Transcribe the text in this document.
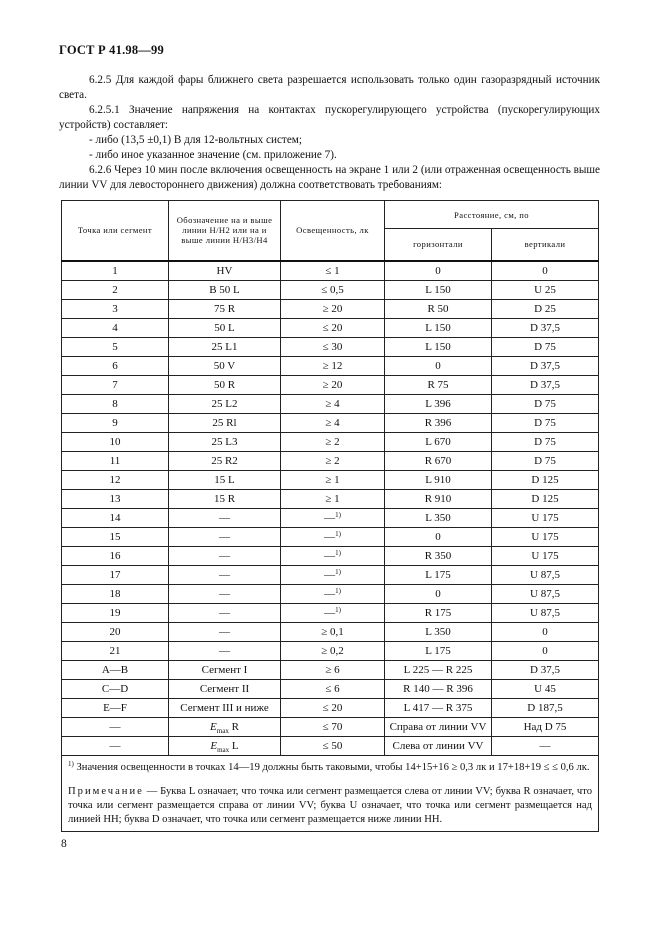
ГОСТ Р 41.98—99
6.2.5 Для каждой фары ближнего света разрешается использовать только один газоразрядный источник света.
6.2.5.1 Значение напряжения на контактах пускорегулирующего устройства (пускорегулирующих устройств) составляет:
- либо (13,5 ±0,1) В для 12-вольтных систем;
- либо иное указанное значение (см. приложение 7).
6.2.6 Через 10 мин после включения освещенность на экране 1 или 2 (или отраженная освещенность выше линии VV для левостороннего движения) должна соответствовать требованиям:
Точка или сегмент	Обозначение на и выше линии H/H2 или на и выше линии H/H3/H4	Освещенность, лк	Расстояние, см, по	
			горизонтали	вертикали
1	HV	≤ 1	0	0
2	B 50 L	≤ 0,5	L 150	U 25
3	75 R	≥ 20	R 50	D 25
4	50 L	≤ 20	L 150	D 37,5
5	25 L1	≤ 30	L 150	D 75
6	50 V	≥ 12	0	D 37,5
7	50 R	≥ 20	R 75	D 37,5
8	25 L2	≥ 4	L 396	D 75
9	25 Rl	≥ 4	R 396	D 75
10	25 L3	≥ 2	L 670	D 75
11	25 R2	≥ 2	R 670	D 75
12	15 L	≥ 1	L 910	D 125
13	15 R	≥ 1	R 910	D 125
14	—	—$^{1)}$	L 350	U 175
15	—	—$^{1)}$	0	U 175
16	—	—$^{1)}$	R 350	U 175
17	—	—$^{1)}$	L 175	U 87,5
18	—	—$^{1)}$	0	U 87,5
19	—	—$^{1)}$	R 175	U 87,5
20	—	≥ 0,1	L 350	0
21	—	≥ 0,2	L 175	0
A—B	Сегмент I	≥ 6	L 225 — R 225	D 37,5
C—D	Сегмент II	≤ 6	R 140 — R 396	U 45
E—F	Сегмент III и ниже	≤ 20	L 417 — R 375	D 187,5
—	$E_{max}$ R	≤ 70	Справа от линии VV	Над D 75
—	$E_{max}$ L	≤ 50	Слева от линии VV	—

$^{1)}$ Значения освещенности в точках 14—19 должны быть таковыми, чтобы 14+15+16 ≥ 0,3 лк и 17+18+19 ≤ ≤ 0,6 лк.

Примечание — Буква L означает, что точка или сегмент размещается слева от линии VV; буква R означает, что точка или сегмент размещается справа от линии VV; буква U означает, что точка или сегмент размещается над линией HH; буква D означает, что точка или сегмент размещается ниже линии HH.				

8
